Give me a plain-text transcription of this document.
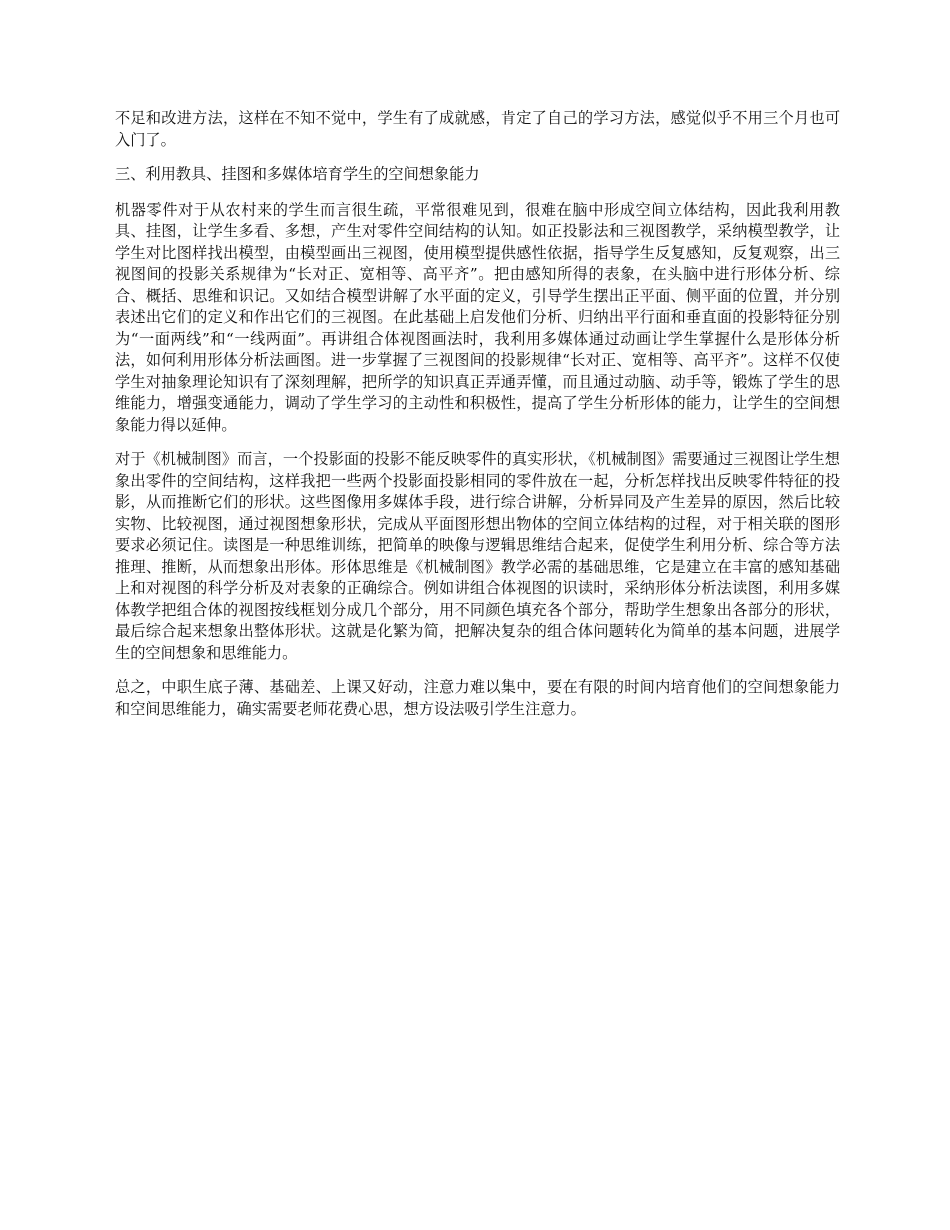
不足和改进方法，这样在不知不觉中，学生有了成就感，肯定了自己的学习方法，感觉似乎不用三个月也可入门了。

三、利用教具、挂图和多媒体培育学生的空间想象能力

机器零件对于从农村来的学生而言很生疏，平常很难见到，很难在脑中形成空间立体结构，因此我利用教具、挂图，让学生多看、多想，产生对零件空间结构的认知。如正投影法和三视图教学，采纳模型教学，让学生对比图样找出模型，由模型画出三视图，使用模型提供感性依据，指导学生反复感知，反复观察，出三视图间的投影关系规律为“长对正、宽相等、高平齐”。把由感知所得的表象，在头脑中进行形体分析、综合、概括、思维和识记。又如结合模型讲解了水平面的定义，引导学生摆出正平面、侧平面的位置，并分别表述出它们的定义和作出它们的三视图。在此基础上启发他们分析、归纳出平行面和垂直面的投影特征分别为“一面两线”和“一线两面”。再讲组合体视图画法时，我利用多媒体通过动画让学生掌握什么是形体分析法，如何利用形体分析法画图。进一步掌握了三视图间的投影规律“长对正、宽相等、高平齐”。这样不仅使学生对抽象理论知识有了深刻理解，把所学的知识真正弄通弄懂，而且通过动脑、动手等，锻炼了学生的思维能力，增强变通能力，调动了学生学习的主动性和积极性，提高了学生分析形体的能力，让学生的空间想象能力得以延伸。

对于《机械制图》而言，一个投影面的投影不能反映零件的真实形状，《机械制图》需要通过三视图让学生想象出零件的空间结构，这样我把一些两个投影面投影相同的零件放在一起，分析怎样找出反映零件特征的投影，从而推断它们的形状。这些图像用多媒体手段，进行综合讲解，分析异同及产生差异的原因，然后比较实物、比较视图，通过视图想象形状，完成从平面图形想出物体的空间立体结构的过程，对于相关联的图形要求必须记住。读图是一种思维训练，把简单的映像与逻辑思维结合起来，促使学生利用分析、综合等方法推理、推断，从而想象出形体。形体思维是《机械制图》教学必需的基础思维，它是建立在丰富的感知基础上和对视图的科学分析及对表象的正确综合。例如讲组合体视图的识读时，采纳形体分析法读图，利用多媒体教学把组合体的视图按线框划分成几个部分，用不同颜色填充各个部分，帮助学生想象出各部分的形状，最后综合起来想象出整体形状。这就是化繁为简，把解决复杂的组合体问题转化为简单的基本问题，进展学生的空间想象和思维能力。

总之，中职生底子薄、基础差、上课又好动，注意力难以集中，要在有限的时间内培育他们的空间想象能力和空间思维能力，确实需要老师花费心思，想方设法吸引学生注意力。
